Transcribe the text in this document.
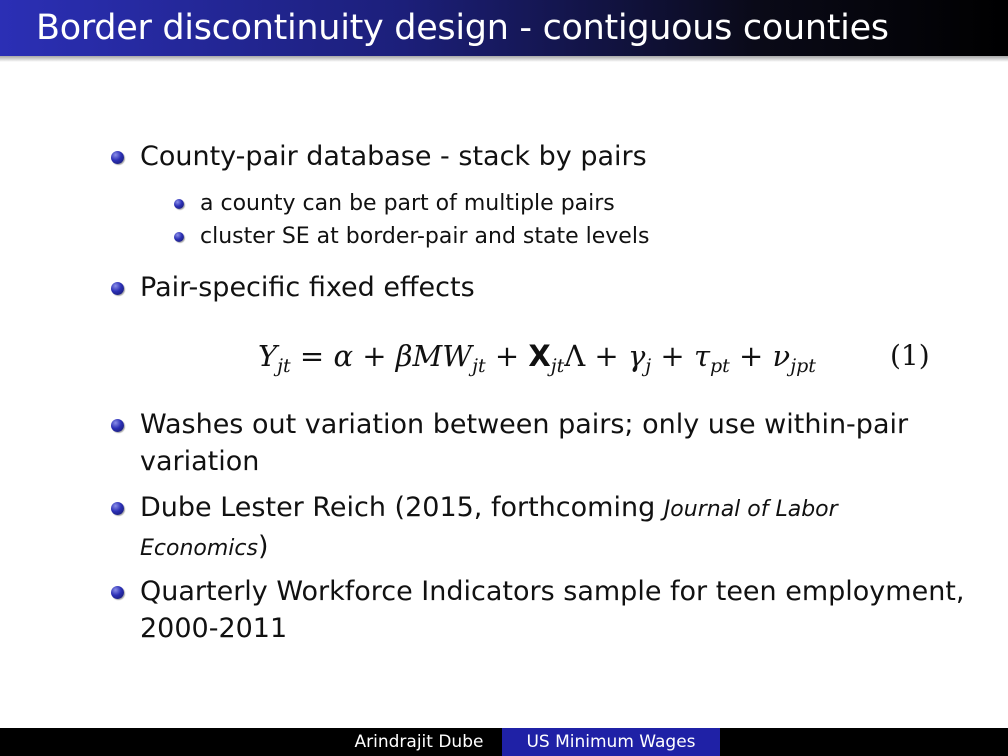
Border discontinuity design - contiguous counties
County-pair database - stack by pairs
a county can be part of multiple pairs
cluster SE at border-pair and state levels
Pair-specific fixed effects
$Y_{jt} = \alpha + \beta MW_{jt} + X_{jt}\Lambda + \gamma_j + \tau_{pt} + \nu_{jpt}$	(1)
Washes out variation between pairs; only use within-pair
variation
Dube Lester Reich (2015, forthcoming Journal of Labor
Economics)
Quarterly Workforce Indicators sample for teen employment,
2000-2011
Arindrajit Dube	US Minimum Wages
